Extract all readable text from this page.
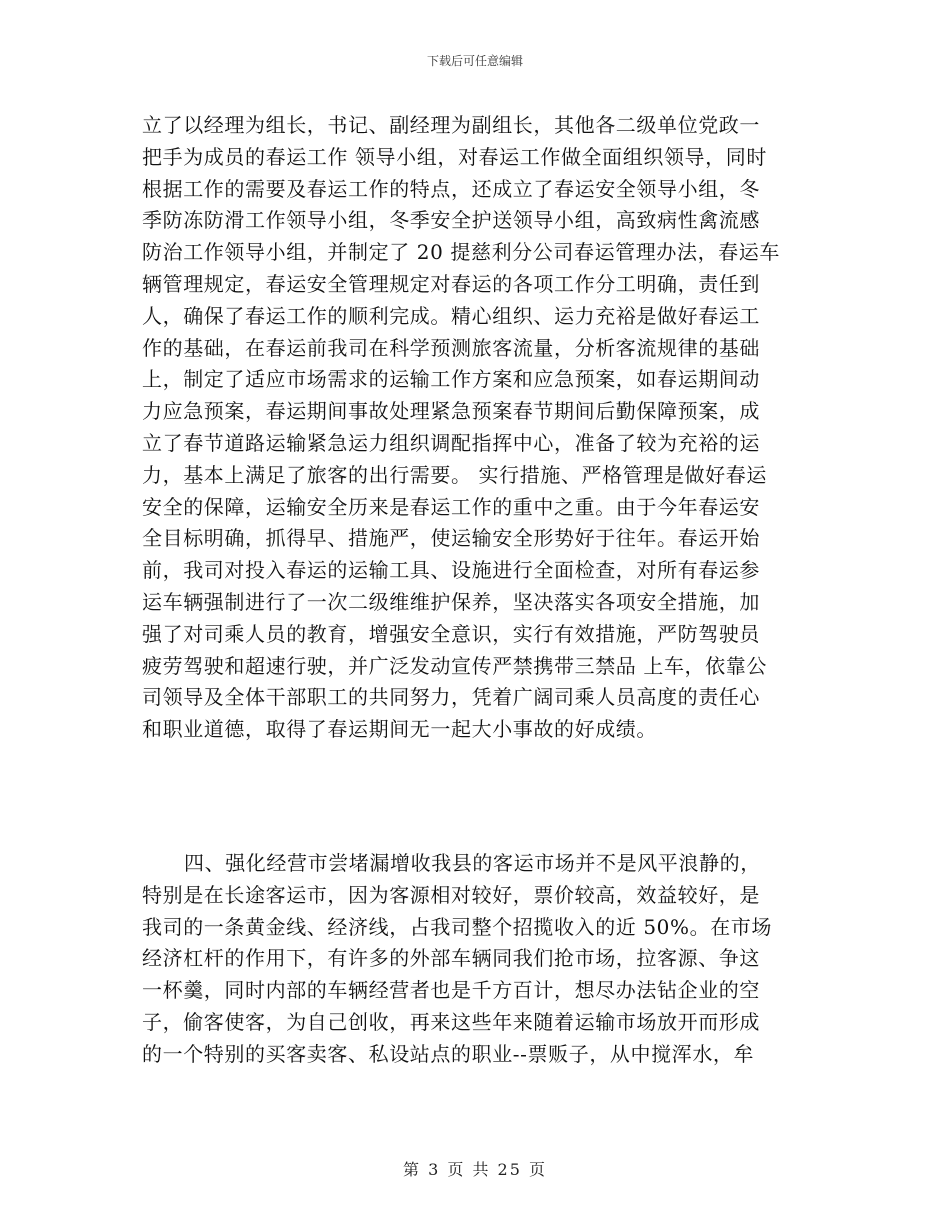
下载后可任意编辑
立了以经理为组长，书记、副经理为副组长，其他各二级单位党政一
把手为成员的春运工作 领导小组，对春运工作做全面组织领导，同时
根据工作的需要及春运工作的特点，还成立了春运安全领导小组，冬
季防冻防滑工作领导小组，冬季安全护送领导小组，高致病性禽流感
防治工作领导小组，并制定了 20 提慈利分公司春运管理办法，春运车
辆管理规定，春运安全管理规定对春运的各项工作分工明确，责任到
人，确保了春运工作的顺利完成。精心组织、运力充裕是做好春运工
作的基础，在春运前我司在科学预测旅客流量，分析客流规律的基础
上，制定了适应市场需求的运输工作方案和应急预案，如春运期间动
力应急预案，春运期间事故处理紧急预案春节期间后勤保障预案，成
立了春节道路运输紧急运力组织调配指挥中心，准备了较为充裕的运
力，基本上满足了旅客的出行需要。 实行措施、严格管理是做好春运
安全的保障，运输安全历来是春运工作的重中之重。由于今年春运安
全目标明确，抓得早、措施严，使运输安全形势好于往年。春运开始
前，我司对投入春运的运输工具、设施进行全面检查，对所有春运参
运车辆强制进行了一次二级维维护保养，坚决落实各项安全措施，加
强了对司乘人员的教育，增强安全意识，实行有效措施，严防驾驶员
疲劳驾驶和超速行驶，并广泛发动宣传严禁携带三禁品 上车，依靠公
司领导及全体干部职工的共同努力，凭着广阔司乘人员高度的责任心
和职业道德，取得了春运期间无一起大小事故的好成绩。
四、强化经营市尝堵漏增收我县的客运市场并不是风平浪静的，
特别是在长途客运市，因为客源相对较好，票价较高，效益较好，是
我司的一条黄金线、经济线，占我司整个招揽收入的近 50%。在市场
经济杠杆的作用下，有许多的外部车辆同我们抢市场，拉客源、争这
一杯羹，同时内部的车辆经营者也是千方百计，想尽办法钻企业的空
子，偷客使客，为自己创收，再来这些年来随着运输市场放开而形成
的一个特别的买客卖客、私设站点的职业--票贩子，从中搅浑水，牟
第 3 页 共 25 页
